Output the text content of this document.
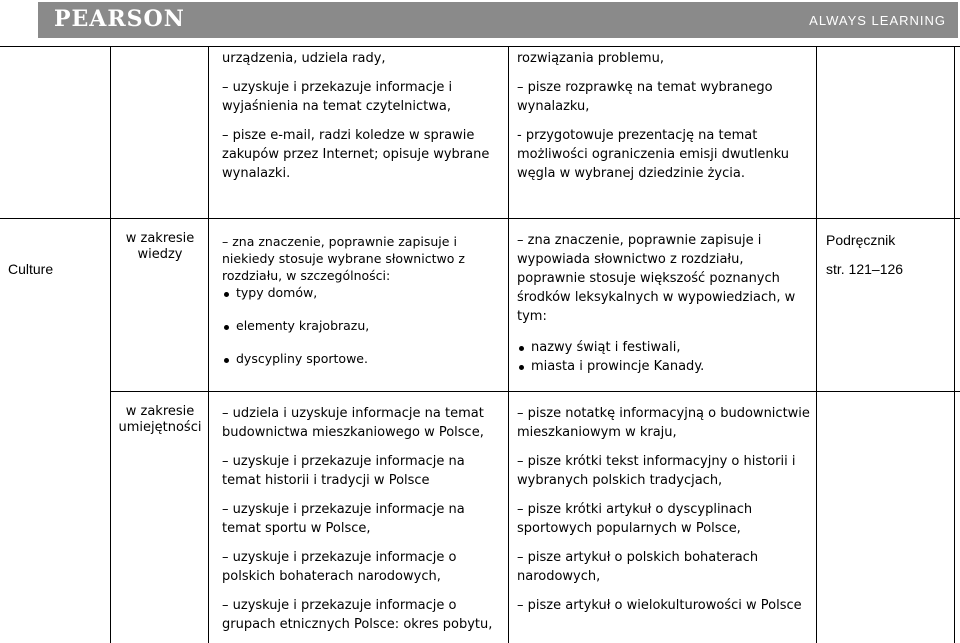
PEARSON	ALWAYS LEARNING

urządzenia, udziela rady,

– uzyskuje i przekazuje informacje i wyjaśnienia na temat czytelnictwa,

– pisze e-mail, radzi koledze w sprawie zakupów przez Internet; opisuje wybrane wynalazki.

rozwiązania problemu,

– pisze rozprawkę na temat wybranego wynalazku,

- przygotowuje prezentację na temat możliwości ograniczenia emisji dwutlenku węgla w wybranej dziedzinie życia.

Culture
w zakresie wiedzy

– zna znaczenie, poprawnie zapisuje i niekiedy stosuje wybrane słownictwo z rozdziału, w szczególności:

typy domów,
elementy krajobrazu,
dyscypliny sportowe.

– zna znaczenie, poprawnie zapisuje i wypowiada słownictwo z rozdziału, poprawnie stosuje większość poznanych środków leksykalnych w wypowiedziach, w tym:

nazwy świąt i festiwali,
miasta i prowincje Kanady.

Podręcznik

str. 121–126

w zakresie umiejętności

– udziela i uzyskuje informacje na temat budownictwa mieszkaniowego w Polsce,

– uzyskuje i przekazuje informacje na temat historii i tradycji w Polsce

– uzyskuje i przekazuje informacje na temat sportu w Polsce,

– uzyskuje i przekazuje informacje o polskich bohaterach narodowych,

– uzyskuje i przekazuje informacje o grupach etnicznych Polsce: okres pobytu,

– pisze notatkę informacyjną o budownictwie mieszkaniowym w kraju,

– pisze krótki tekst informacyjny o historii i wybranych polskich tradycjach,

– pisze krótki artykuł o dyscyplinach sportowych popularnych w Polsce,

– pisze artykuł o polskich bohaterach narodowych,

– pisze artykuł o wielokulturowości w Polsce
